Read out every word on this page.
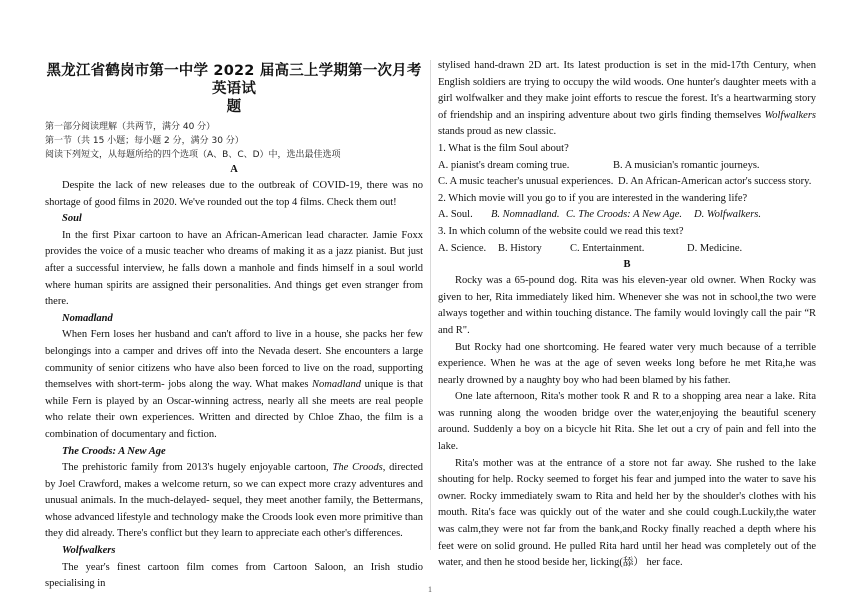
黑龙江省鹤岗市第一中学 2022 届高三上学期第一次月考英语试
题

第一部分阅读理解（共两节，满分 40 分）

第一节（共 15 小题；每小题 2 分，满分 30 分）

阅读下列短文，从每题所给的四个选项（A、B、C、D）中，选出最佳选项

A

Despite the lack of new releases due to the outbreak of COVID-19, there was no shortage of good films in 2020. We've rounded out the top 4 films. Check them out!

Soul

In the first Pixar cartoon to have an African-American lead character. Jamie Foxx provides the voice of a music teacher who dreams of making it as a jazz pianist. But just after a successful interview, he falls down a manhole and finds himself in a soul world where human spirits are assigned their personalities. And things get even stranger from there.

Nomadland

When Fern loses her husband and can't afford to live in a house, she packs her few belongings into a camper and drives off into the Nevada desert. She encounters a large community of senior citizens who have also been forced to live on the road, supporting themselves with short-term- jobs along the way. What makes Nomadland unique is that while Fern is played by an Oscar-winning actress, nearly all she meets are real people who relate their own experiences. Written and directed by Chloe Zhao, the film is a combination of documentary and fiction.

The Croods: A New Age

The prehistoric family from 2013's hugely enjoyable cartoon, The Croods, directed by Joel Crawford, makes a welcome return, so we can expect more crazy adventures and unusual animals. In the much-delayed- sequel, they meet another family, the Bettermans, whose advanced lifestyle and technology make the Croods look even more primitive than they did already. There's conflict but they learn to appreciate each other's differences.

Wolfwalkers

The year's finest cartoon film comes from Cartoon Saloon, an Irish studio specialising in

stylised hand-drawn 2D art. Its latest production is set in the mid-17th Century, when English soldiers are trying to occupy the wild woods. One hunter's daughter meets with a girl wolfwalker and they make joint efforts to rescue the forest. It's a heartwarming story of friendship and an inspiring adventure about two girls finding themselves Wolfwalkers stands proud as new classic.

1. What is the film Soul about?

A. pianist's dream coming true.	B. A musician's romantic journeys.
C. A music teacher's unusual experiences. D. An African-American actor's success story.

2. Which movie will you go to if you are interested in the wandering life?

A. Soul.	B. Nomnadland. C. The Croods: A New Age.	D. Wolfwalkers.

3. In which column of the website could we read this text?

A. Science.	B. History	C. Entertainment.	D. Medicine.

B

Rocky was a 65-pound dog. Rita was his eleven-year old owner. When Rocky was given to her, Rita immediately liked him. Whenever she was not in school,the two were always together and within touching distance. The family would lovingly call the pair “R and R".

But Rocky had one shortcoming. He feared water very much because of a terrible experience. When he was at the age of seven weeks long before he met Rita,he was nearly drowned by a naughty boy who had been blamed by his father.

One late afternoon, Rita's mother took R and R to a shopping area near a lake. Rita was running along the wooden bridge over the water,enjoying the beautiful scenery around. Suddenly a boy on a bicycle hit Rita. She let out a cry of pain and fell into the lake.

Rita's mother was at the entrance of a store not far away. She rushed to the lake shouting for help. Rocky seemed to forget his fear and jumped into the water to save his owner. Rocky immediately swam to Rita and held her by the shoulder's clothes with his mouth. Rita's face was quickly out of the water and she could cough.Luckily,the water was calm,they were not far from the bank,and Rocky finally reached a depth where his feet were on solid ground. He pulled Rita hard until her head was completely out of the water, and then he stood beside her, licking(舔） her face.

1
